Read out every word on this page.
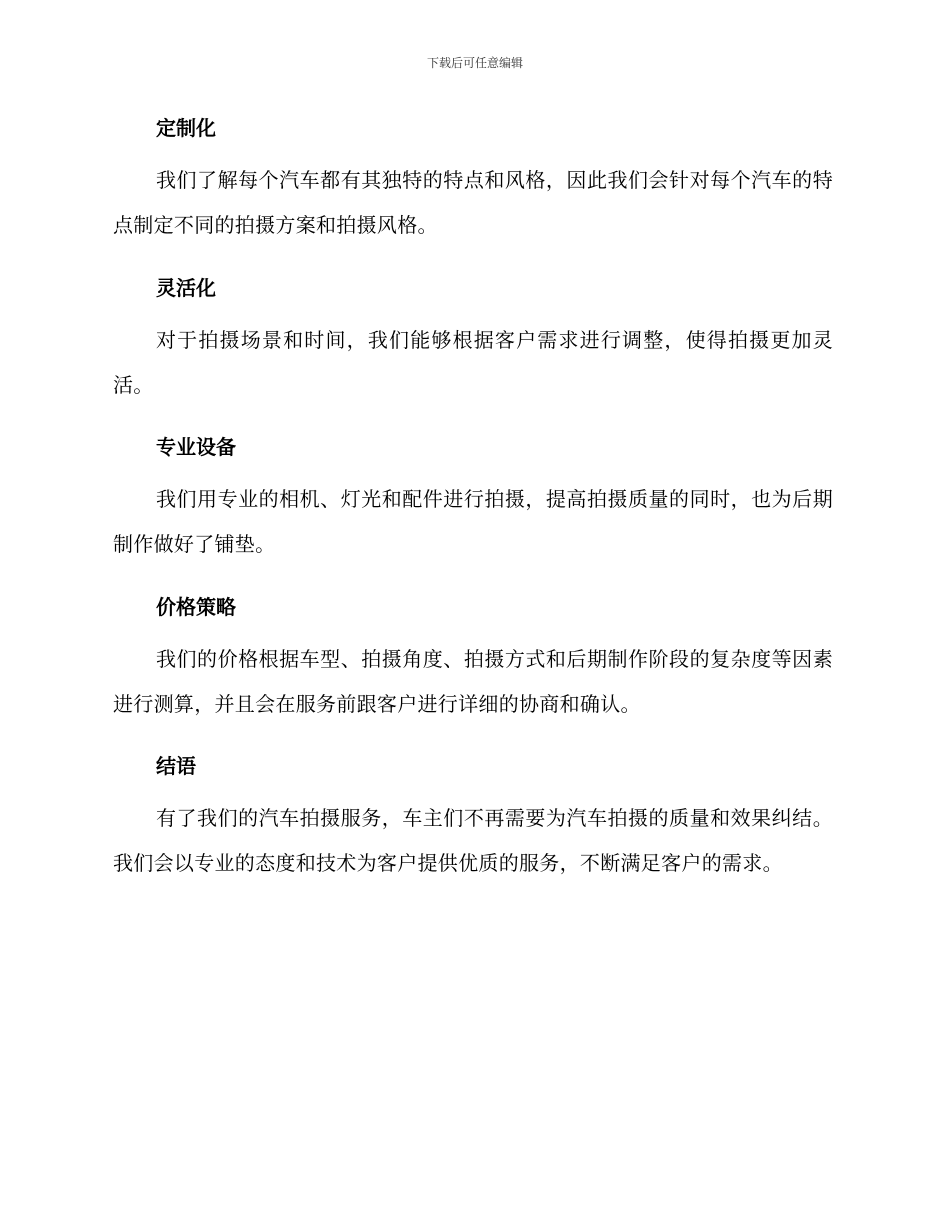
下载后可任意编辑
定制化
我们了解每个汽车都有其独特的特点和风格，因此我们会针对每个汽车的特点制定不同的拍摄方案和拍摄风格。
灵活化
对于拍摄场景和时间，我们能够根据客户需求进行调整，使得拍摄更加灵活。
专业设备
我们用专业的相机、灯光和配件进行拍摄，提高拍摄质量的同时，也为后期制作做好了铺垫。
价格策略
我们的价格根据车型、拍摄角度、拍摄方式和后期制作阶段的复杂度等因素进行测算，并且会在服务前跟客户进行详细的协商和确认。
结语
有了我们的汽车拍摄服务，车主们不再需要为汽车拍摄的质量和效果纠结。我们会以专业的态度和技术为客户提供优质的服务，不断满足客户的需求。
